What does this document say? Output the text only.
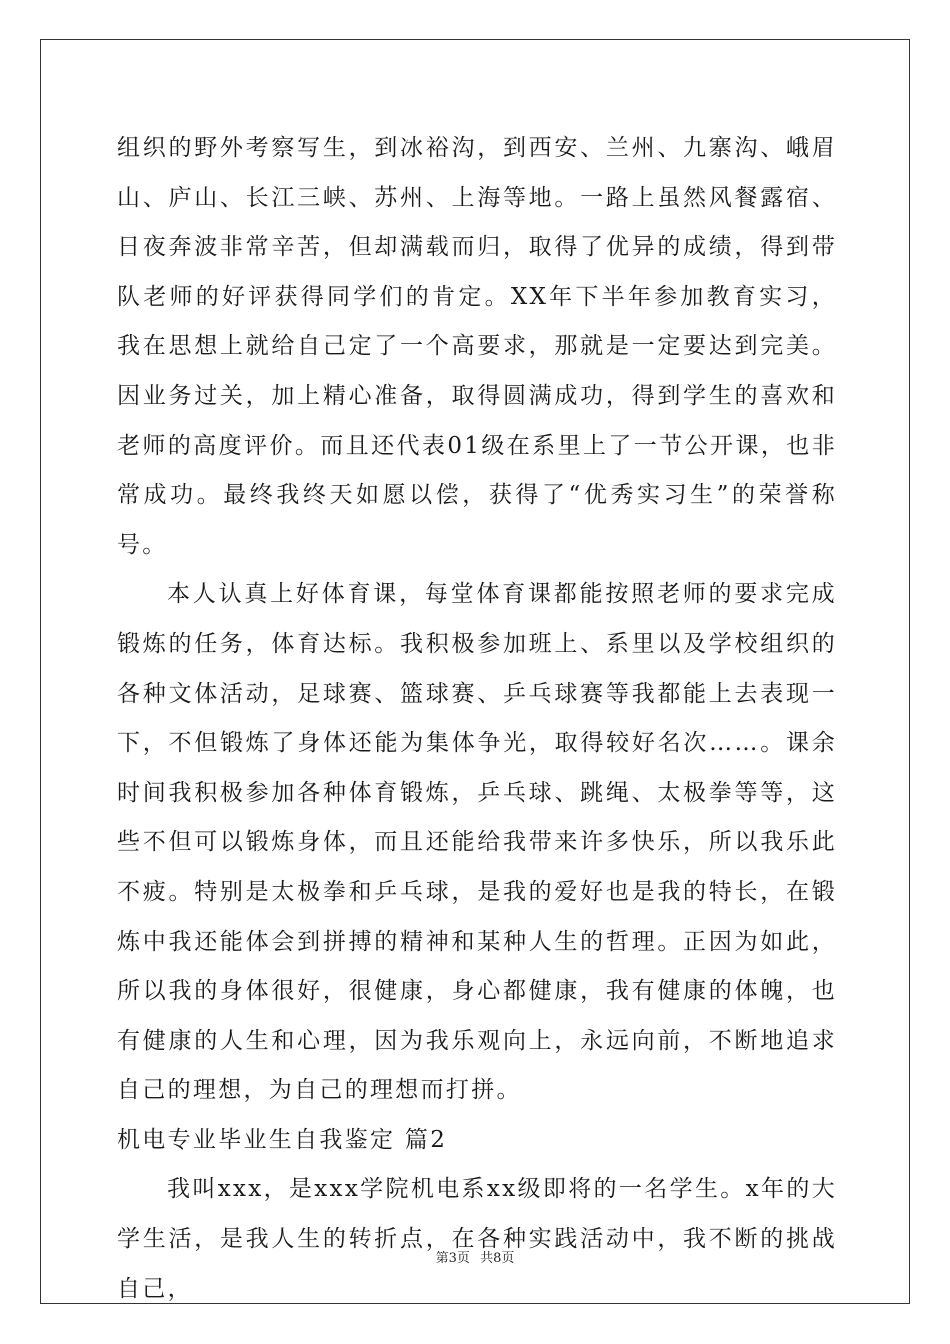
组织的野外考察写生，到冰裕沟，到西安、兰州、九寨沟、峨眉山、庐山、长江三峡、苏州、上海等地。一路上虽然风餐露宿、日夜奔波非常辛苦，但却满载而归，取得了优异的成绩，得到带队老师的好评获得同学们的肯定。XX年下半年参加教育实习，我在思想上就给自己定了一个高要求，那就是一定要达到完美。因业务过关，加上精心准备，取得圆满成功，得到学生的喜欢和老师的高度评价。而且还代表01级在系里上了一节公开课，也非常成功。最终我终天如愿以偿，获得了“优秀实习生”的荣誉称号。

本人认真上好体育课，每堂体育课都能按照老师的要求完成锻炼的任务，体育达标。我积极参加班上、系里以及学校组织的各种文体活动，足球赛、篮球赛、乒乓球赛等我都能上去表现一下，不但锻炼了身体还能为集体争光，取得较好名次……。课余时间我积极参加各种体育锻炼，乒乓球、跳绳、太极拳等等，这些不但可以锻炼身体，而且还能给我带来许多快乐，所以我乐此不疲。特别是太极拳和乒乓球，是我的爱好也是我的特长，在锻炼中我还能体会到拼搏的精神和某种人生的哲理。正因为如此，所以我的身体很好，很健康，身心都健康，我有健康的体魄，也有健康的人生和心理，因为我乐观向上，永远向前，不断地追求自己的理想，为自己的理想而打拼。

机电专业毕业生自我鉴定 篇2

我叫xxx，是xxx学院机电系xx级即将的一名学生。x年的大学生活，是我人生的转折点，在各种实践活动中，我不断的挑战自己，

第3页 共8页
